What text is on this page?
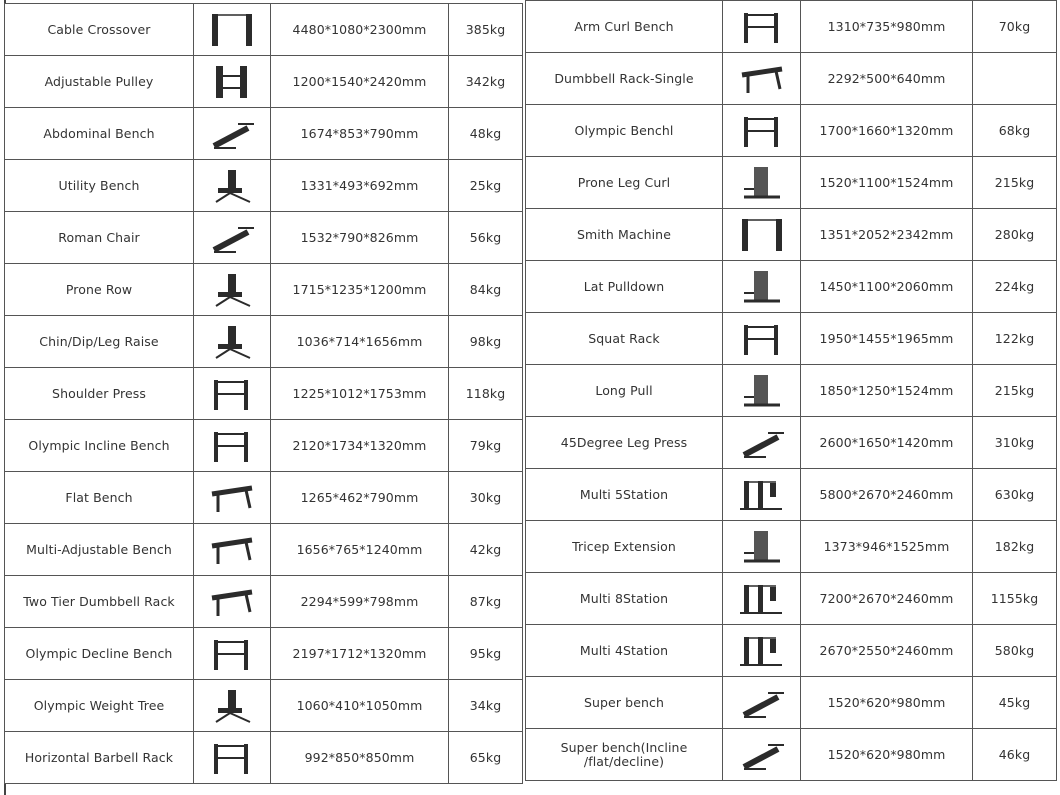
Cable Crossover		4480*1080*2300mm	385kg
Adjustable Pulley		1200*1540*2420mm	342kg
Abdominal Bench		1674*853*790mm	48kg
Utility Bench		1331*493*692mm	25kg
Roman Chair		1532*790*826mm	56kg
Prone Row		1715*1235*1200mm	84kg
Chin/Dip/Leg Raise		1036*714*1656mm	98kg
Shoulder Press		1225*1012*1753mm	118kg
Olympic Incline Bench		2120*1734*1320mm	79kg
Flat Bench		1265*462*790mm	30kg
Multi-Adjustable Bench		1656*765*1240mm	42kg
Two Tier Dumbbell Rack		2294*599*798mm	87kg
Olympic Decline Bench		2197*1712*1320mm	95kg
Olympic Weight Tree		1060*410*1050mm	34kg
Horizontal Barbell Rack		992*850*850mm	65kg
Arm Curl Bench		1310*735*980mm	70kg
Dumbbell Rack-Single		2292*500*640mm	
Olympic Benchl		1700*1660*1320mm	68kg
Prone Leg Curl		1520*1100*1524mm	215kg
Smith Machine		1351*2052*2342mm	280kg
Lat Pulldown		1450*1100*2060mm	224kg
Squat Rack		1950*1455*1965mm	122kg
Long Pull		1850*1250*1524mm	215kg
45Degree Leg Press		2600*1650*1420mm	310kg
Multi 5Station		5800*2670*2460mm	630kg
Tricep Extension		1373*946*1525mm	182kg
Multi 8Station		7200*2670*2460mm	1155kg
Multi 4Station		2670*2550*2460mm	580kg
Super bench		1520*620*980mm	45kg
Super bench(Incline /flat/decline)		1520*620*980mm	46kg
